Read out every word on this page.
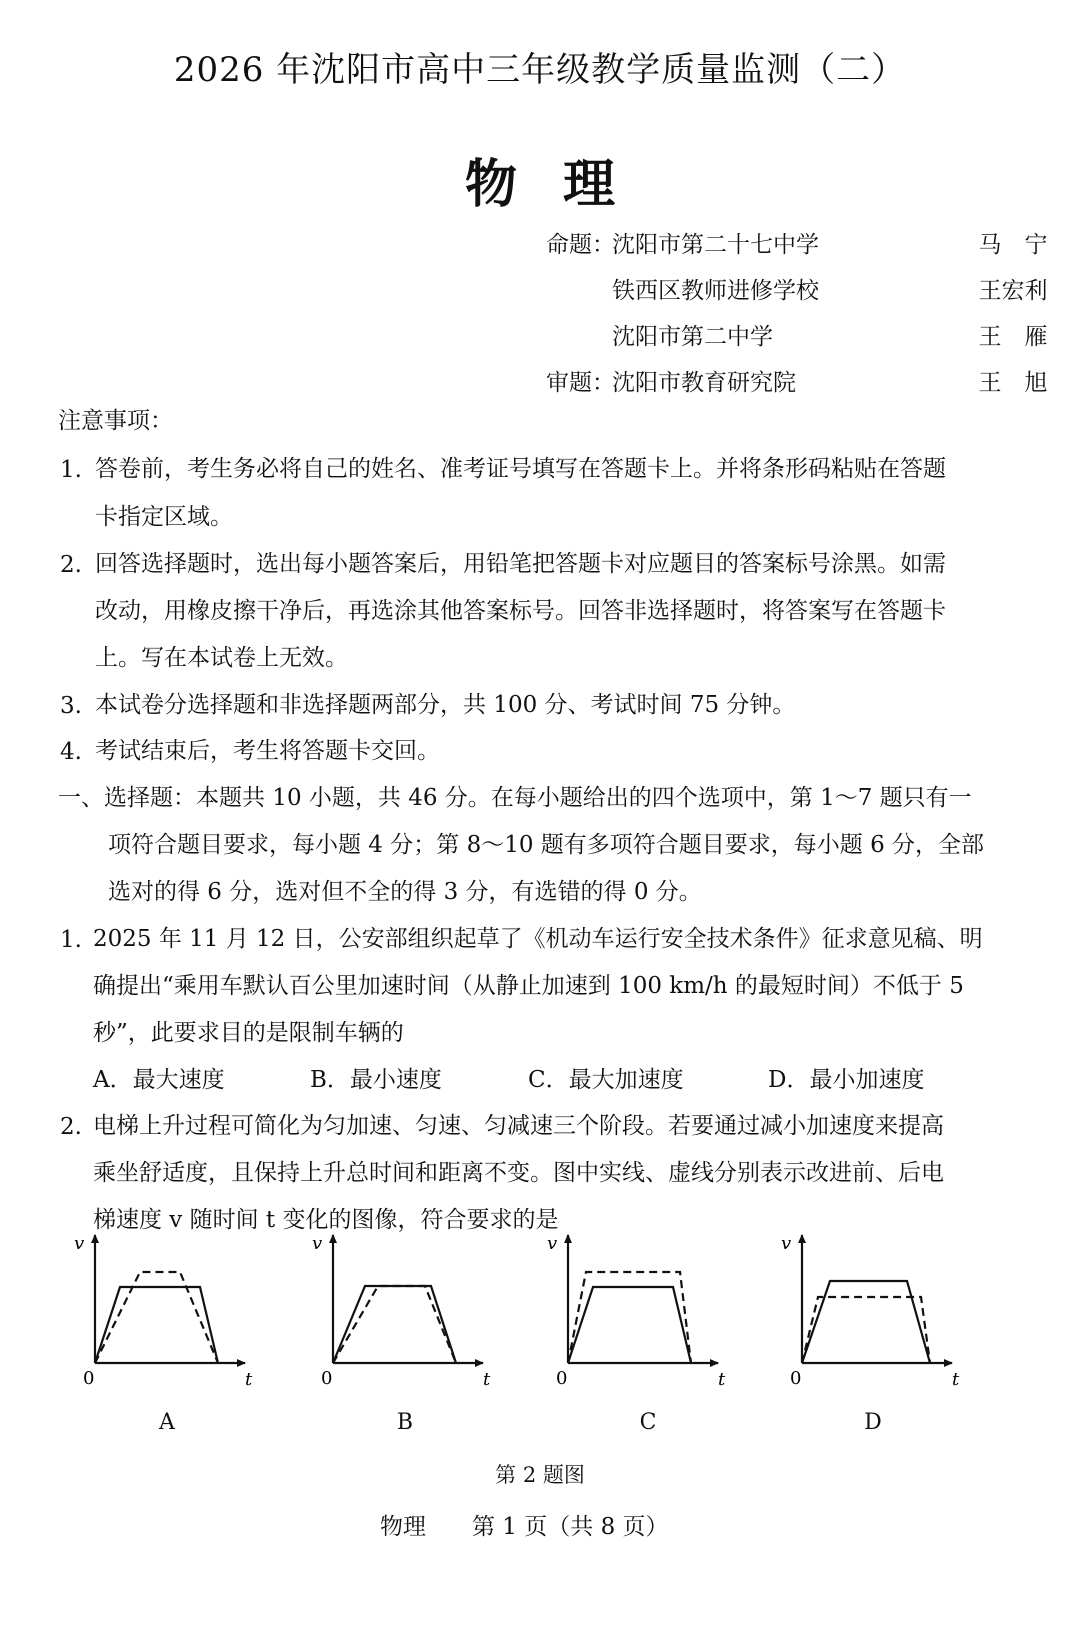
2026 年沈阳市高中三年级教学质量监测（二）
物理
命题：
沈阳市第二十七中学	马　宁
铁西区教师进修学校	王宏利
沈阳市第二中学	王　雁
审题：
沈阳市教育研究院	王　旭
注意事项：
1. 答卷前，考生务必将自己的姓名、准考证号填写在答题卡上。并将条形码粘贴在答题
卡指定区域。
2. 回答选择题时，选出每小题答案后，用铅笔把答题卡对应题目的答案标号涂黑。如需
改动，用橡皮擦干净后，再选涂其他答案标号。回答非选择题时，将答案写在答题卡
上。写在本试卷上无效。
3. 本试卷分选择题和非选择题两部分，共 100 分、考试时间 75 分钟。
4. 考试结束后，考生将答题卡交回。
一、选择题：本题共 10 小题，共 46 分。在每小题给出的四个选项中，第 1～7 题只有一
项符合题目要求，每小题 4 分；第 8～10 题有多项符合题目要求，每小题 6 分，全部
选对的得 6 分，选对但不全的得 3 分，有选错的得 0 分。
1. 2025 年 11 月 12 日，公安部组织起草了《机动车运行安全技术条件》征求意见稿、明
确提出“乘用车默认百公里加速时间（从静止加速到 100 km/h 的最短时间）不低于 5
秒”，此要求目的是限制车辆的
A．最大速度	B．最小速度	C．最大加速度	D．最小加速度
2. 电梯上升过程可简化为匀加速、匀速、匀减速三个阶段。若要通过减小加速度来提高
乘坐舒适度，且保持上升总时间和距离不变。图中实线、虚线分别表示改进前、后电
梯速度 v 随时间 t 变化的图像，符合要求的是
v
t
0
v
t
0
v
t
0
v
t
0
A	B	C	D
第 2 题图
物理 第 1 页（共 8 页）
